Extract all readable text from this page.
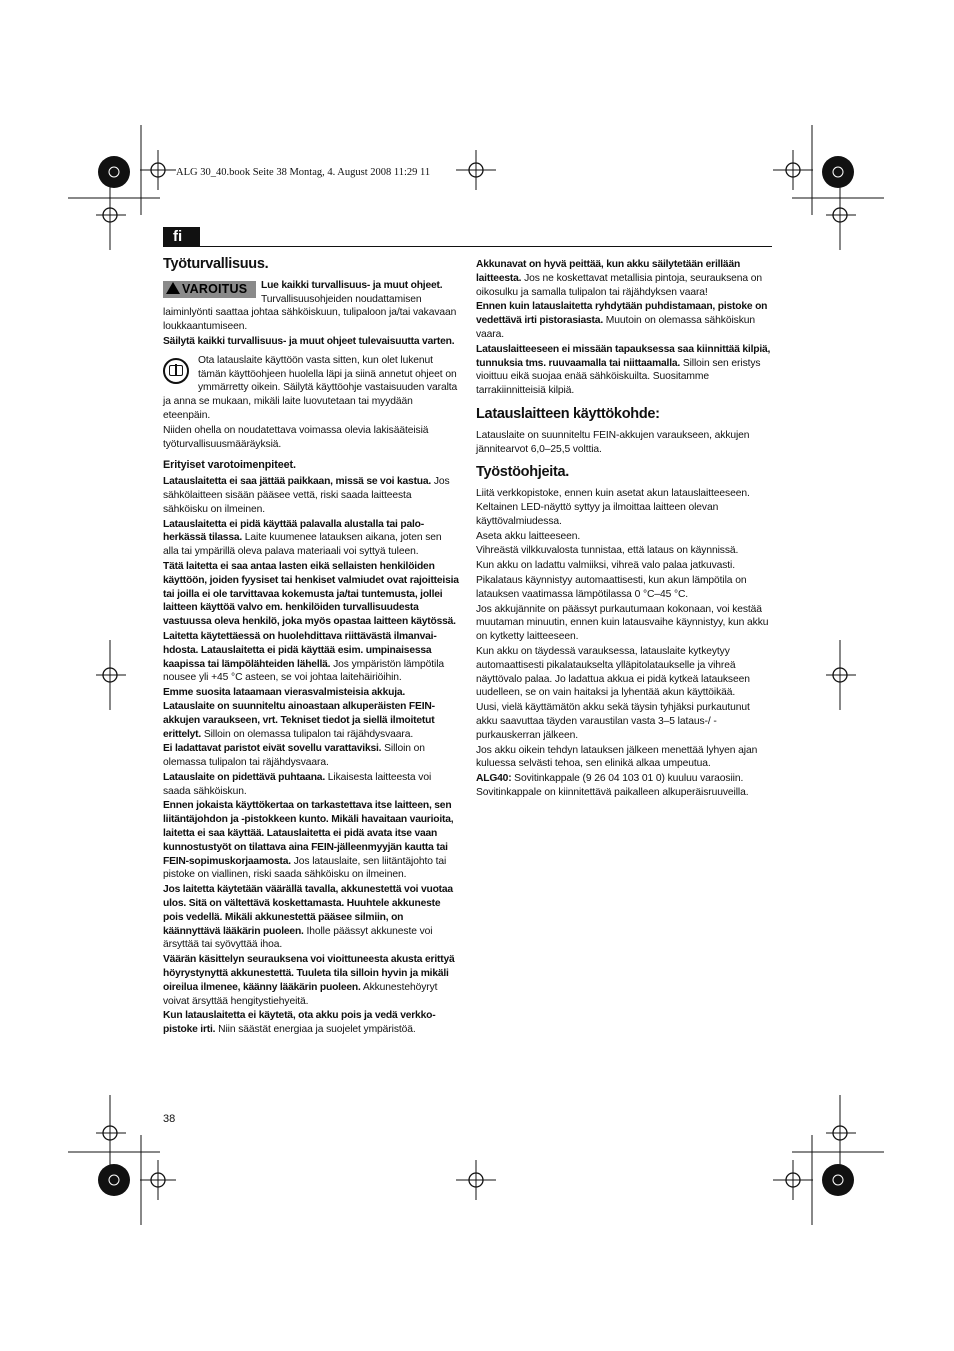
ALG 30_40.book Seite 38 Montag, 4. August 2008 11:29 11
fi
Työturvallisuus.
VAROITUS	Lue kaikki turvallisuus- ja muut ohjeet. Turvallisuusohjeiden noudattamisen laiminlyönti saattaa johtaa sähköiskuun, tulipaloon ja/tai vakavaan loukkaantumiseen.

Säilytä kaikki turvallisuus- ja muut ohjeet tulevaisuutta varten.

Ota latauslaite käyttöön vasta sitten, kun olet lukenut tämän käyttöohjeen huolella läpi ja siinä annetut ohjeet on ymmärretty oikein. Säilytä käyttöohje vastaisuuden varalta ja anna se mukaan, mikäli laite luovutetaan tai myydään eteenpäin.

Niiden ohella on noudatettava voimassa olevia lakisääteisiä työturvallisuusmääräyksiä.

Erityiset varotoimenpiteet.

Latauslaitetta ei saa jättää paikkaan, missä se voi kastua. Jos sähkölaitteen sisään pääsee vettä, riski saada laitteesta sähköisku on ilmeinen.

Latauslaitetta ei pidä käyttää palavalla alustalla tai paloherkässä tilassa. Laite kuumenee latauksen aikana, joten sen alla tai ympärillä oleva palava materiaali voi syttyä tuleen.

Tätä laitetta ei saa antaa lasten eikä sellaisten henkilöiden käyttöön, joiden fyysiset tai henkiset valmiudet ovat rajoitteisia tai joilla ei ole tarvittavaa kokemusta ja/tai tuntemusta, jollei laitteen käyttöä valvo em. henkilöiden turvallisuudesta vastuussa oleva henkilö, joka myös opastaa laitteen käytössä.

Laitetta käytettäessä on huolehdittava riittävästä ilmanvaihdosta. Latauslaitetta ei pidä käyttää esim. umpinaisessa kaapissa tai lämpölähteiden lähellä. Jos ympäristön lämpötila nousee yli +45 °C asteen, se voi johtaa laitehäiriöihin.

Emme suosita lataamaan vierasvalmisteisia akkuja. Latauslaite on suunniteltu ainoastaan alkuperäisten FEIN-akkujen varaukseen, vrt. Tekniset tiedot ja siellä ilmoitetut erittelyt. Silloin on olemassa tulipalon tai räjähdysvaara.

Ei ladattavat paristot eivät sovellu varattaviksi. Silloin on olemassa tulipalon tai räjähdysvaara.

Latauslaite on pidettävä puhtaana. Likaisesta laitteesta voi saada sähköiskun.

Ennen jokaista käyttökertaa on tarkastettava itse laitteen, sen liitäntäjohdon ja -pistokkeen kunto. Mikäli havaitaan vaurioita, laitetta ei saa käyttää. Latauslaitetta ei pidä avata itse vaan kunnostustyöt on tilattava aina FEIN-jälleenmyyjän kautta tai FEIN-sopimuskorjaamosta. Jos latauslaite, sen liitäntäjohto tai pistoke on viallinen, riski saada sähköisku on ilmeinen.

Jos laitetta käytetään väärällä tavalla, akkunestettä voi vuotaa ulos. Sitä on vältettävä koskettamasta. Huuhtele akkuneste pois vedellä. Mikäli akkunestettä pääsee silmiin, on käännyttävä lääkärin puoleen. Iholle päässyt akkuneste voi ärsyttää tai syövyttää ihoa.

Väärän käsittelyn seurauksena voi vioittuneesta akusta erittyä höyrystynyttä akkunestettä. Tuuleta tila silloin hyvin ja mikäli oireilua ilmenee, käänny lääkärin puoleen. Akkunestehöyryt voivat ärsyttää hengitystiehyeitä.

Kun latauslaitetta ei käytetä, ota akku pois ja vedä verkkopistoke irti. Niin säästät energiaa ja suojelet ympäristöä.

Akkunavat on hyvä peittää, kun akku säilytetään erillään laitteesta. Jos ne koskettavat metallisia pintoja, seurauksena on oikosulku ja samalla tulipalon tai räjähdyksen vaara!

Ennen kuin latauslaitetta ryhdytään puhdistamaan, pistoke on vedettävä irti pistorasiasta. Muutoin on olemassa sähköiskun vaara.

Latauslaitteeseen ei missään tapauksessa saa kiinnittää kilpiä, tunnuksia tms. ruuvaamalla tai niittaamalla. Silloin sen eristys vioittuu eikä suojaa enää sähköiskuilta. Suositamme tarrakiinnitteisiä kilpiä.

Latauslaitteen käyttökohde:

Latauslaite on suunniteltu FEIN-akkujen varaukseen, akkujen jännitearvot 6,0–25,5 volttia.

Työstöohjeita.

Liitä verkkopistoke, ennen kuin asetat akun latauslaitteeseen. Keltainen LED-näyttö syttyy ja ilmoittaa laitteen olevan käyttövalmiudessa.

Aseta akku laitteeseen.

Vihreästä vilkkuvalosta tunnistaa, että lataus on käynnissä.

Kun akku on ladattu valmiiksi, vihreä valo palaa jatkuvasti.

Pikalataus käynnistyy automaattisesti, kun akun lämpötila on latauksen vaatimassa lämpötilassa 0 °C–45 °C.

Jos akkujännite on päässyt purkautumaan kokonaan, voi kestää muutaman minuutin, ennen kuin latausvaihe käynnistyy, kun akku on kytketty laitteeseen.

Kun akku on täydessä varauksessa, latauslaite kytkeytyy automaattisesti pikalataukselta ylläpitolataukselle ja vihreä näyttövalo palaa. Jo ladattua akkua ei pidä kytkeä lataukseen uudelleen, se on vain haitaksi ja lyhentää akun käyttöikää.

Uusi, vielä käyttämätön akku sekä täysin tyhjäksi purkautunut akku saavuttaa täyden varaustilan vasta 3–5 lataus-/ -purkauskerran jälkeen.

Jos akku oikein tehdyn latauksen jälkeen menettää lyhyen ajan kuluessa selvästi tehoa, sen elinikä alkaa umpeutua.

ALG40: Sovitinkappale (9 26 04 103 01 0) kuuluu varaosiin. Sovitinkappale on kiinnitettävä paikalleen alkuperäisruuveilla.

38
